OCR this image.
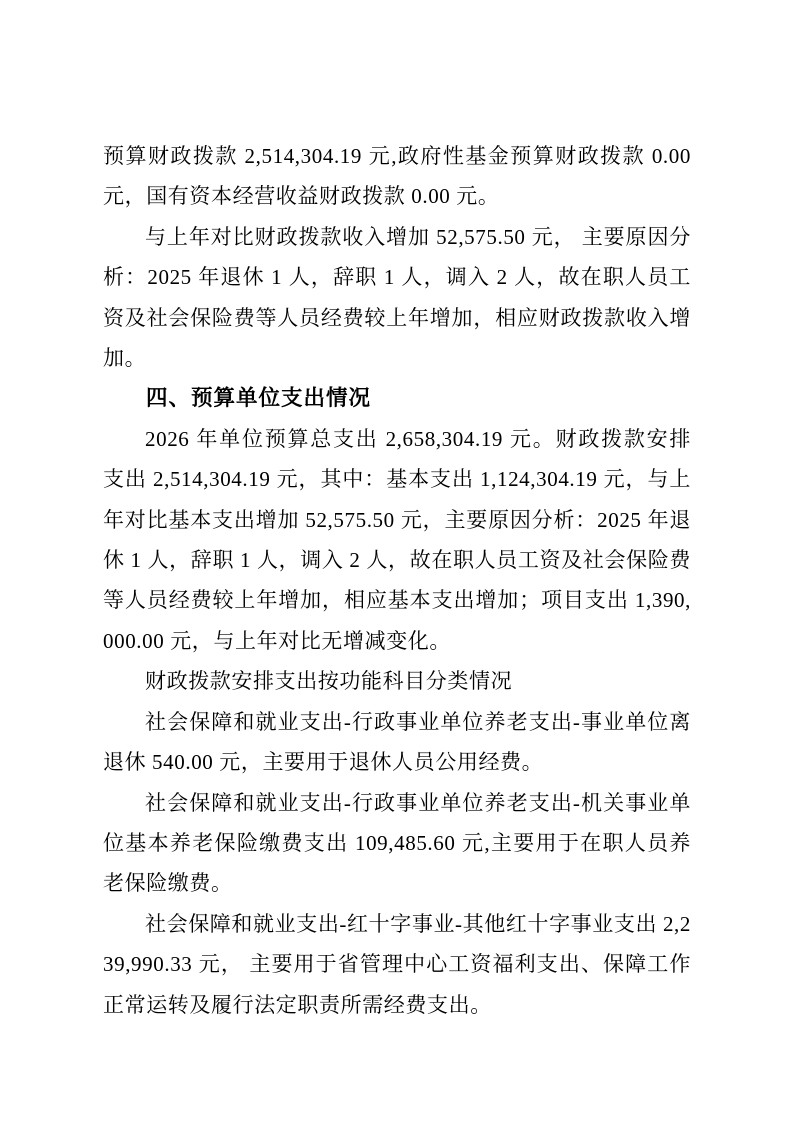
预算财政拨款 2,514,304.19 元,政府性基金预算财政拨款 0.00 元，国有资本经营收益财政拨款 0.00 元。

与上年对比财政拨款收入增加 52,575.50 元， 主要原因分析：2025 年退休 1 人，辞职 1 人，调入 2 人，故在职人员工资及社会保险费等人员经费较上年增加，相应财政拨款收入增加。

四、预算单位支出情况

2026 年单位预算总支出 2,658,304.19 元。财政拨款安排支出 2,514,304.19 元，其中：基本支出 1,124,304.19 元，与上年对比基本支出增加 52,575.50 元，主要原因分析：2025 年退休 1 人，辞职 1 人，调入 2 人，故在职人员工资及社会保险费等人员经费较上年增加，相应基本支出增加；项目支出 1,390,000.00 元，与上年对比无增减变化。

财政拨款安排支出按功能科目分类情况

社会保障和就业支出-行政事业单位养老支出-事业单位离退休 540.00 元，主要用于退休人员公用经费。

社会保障和就业支出-行政事业单位养老支出-机关事业单位基本养老保险缴费支出 109,485.60 元,主要用于在职人员养老保险缴费。

社会保障和就业支出-红十字事业-其他红十字事业支出 2,239,990.33 元， 主要用于省管理中心工资福利支出、保障工作正常运转及履行法定职责所需经费支出。
